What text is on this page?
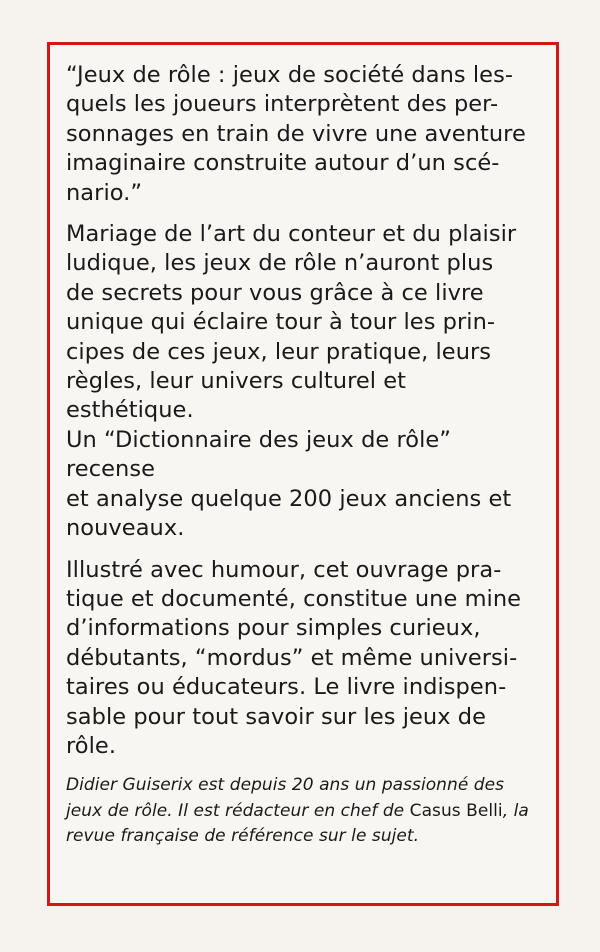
“Jeux de rôle : jeux de société dans les-
quels les joueurs interprètent des per-
sonnages en train de vivre une aventure
imaginaire construite autour d’un scé-
nario.”

Mariage de l’art du conteur et du plaisir
ludique, les jeux de rôle n’auront plus
de secrets pour vous grâce à ce livre
unique qui éclaire tour à tour les prin-
cipes de ces jeux, leur pratique, leurs
règles, leur univers culturel et esthétique.
Un “Dictionnaire des jeux de rôle” recense
et analyse quelque 200 jeux anciens et
nouveaux.

Illustré avec humour, cet ouvrage pra-
tique et documenté, constitue une mine
d’informations pour simples curieux,
débutants, “mordus” et même universi-
taires ou éducateurs. Le livre indispen-
sable pour tout savoir sur les jeux de
rôle.

Didier Guiserix est depuis 20 ans un passionné des jeux de rôle. Il est rédacteur en chef de Casus Belli, la revue française de référence sur le sujet.
